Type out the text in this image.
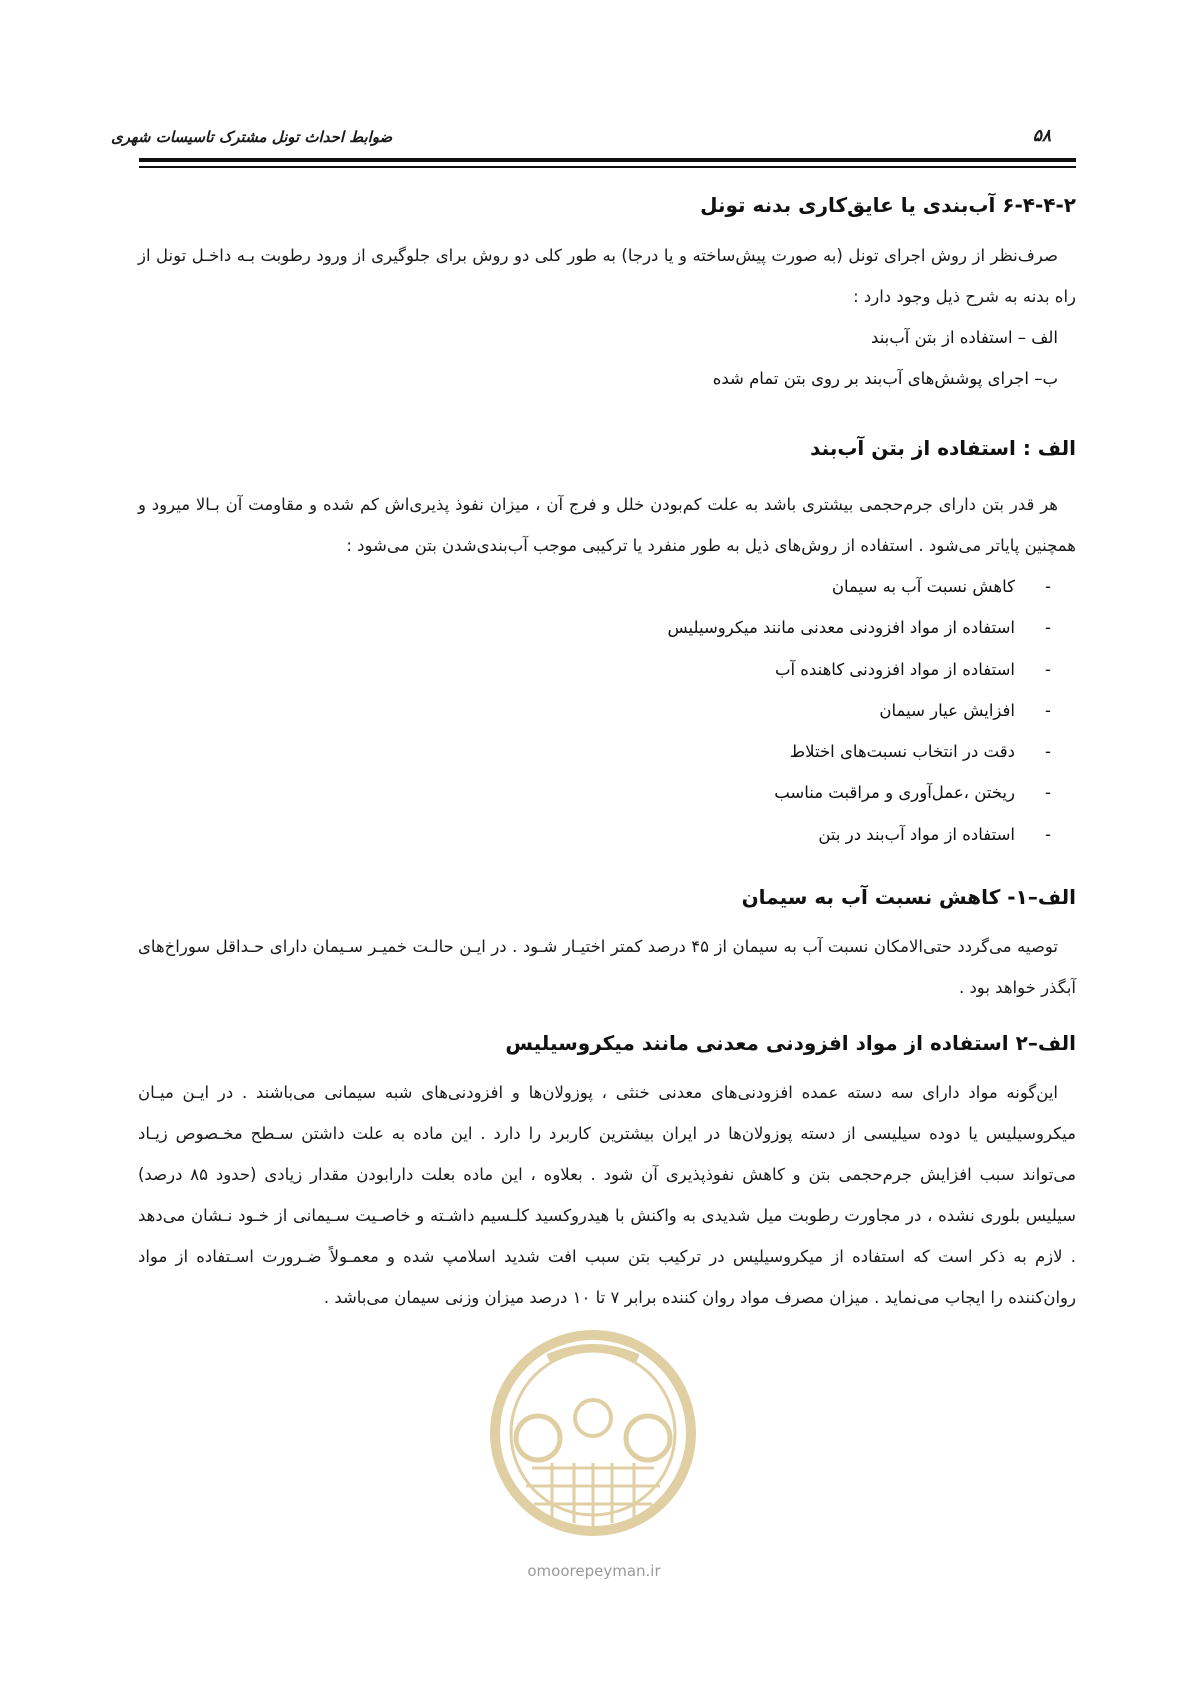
ضوابط احداث تونل مشترک تاسیسات شهری	۵۸
۶-۴-۴-۲ آب‌بندی یا عایق‌کاری بدنه تونل
صرف‌نظر از روش اجرای تونل (به صورت پیش‌ساخته و یا درجا) به طور کلی دو روش برای جلوگیری از ورود رطوبت بـه داخـل تونل از راه بدنه به شرح ذیل وجود دارد :
الف – استفاده از بتن آب‌بند
ب– اجرای پوشش‌های آب‌بند بر روی بتن تمام شده
الف : استفاده از بتن آب‌بند
هر قدر بتن دارای جرم‌حجمی بیشتری باشد به علت کم‌بودن خلل و فرج آن ، میزان نفوذ پذیری‌اش کم شده و مقاومت آن بـالا میرود و همچنین پایاتر می‌شود . استفاده از روش‌های ذیل به طور منفرد یا ترکیبی موجب آب‌بندی‌شدن بتن می‌شود :
-
کاهش نسبت آب به سیمان
-
استفاده از مواد افزودنی معدنی مانند میکروسیلیس
-
استفاده از مواد افزودنی کاهنده آب
-
افزایش عیار سیمان
-
دقت در انتخاب نسبت‌های اختلاط
-
ریختن ،عمل‌آوری و مراقبت مناسب
-
استفاده از مواد آب‌بند در بتن
الف–۱- کاهش نسبت آب به سیمان
توصیه می‌گردد حتی‌الامکان نسبت آب به سیمان از ۴۵ درصد کمتر اختیـار شـود . در ایـن حالـت خمیـر سـیمان دارای حـداقل سوراخ‌های آبگذر خواهد بود .
الف–۲ استفاده از مواد افزودنی معدنی مانند میکروسیلیس
این‌گونه مواد دارای سه دسته عمده افزودنی‌های معدنی خنثی ، پوزولان‌ها و افزودنی‌های شبه سیمانی می‌باشند . در ایـن میـان میکروسیلیس یا دوده سیلیسی از دسته پوزولان‌ها در ایران بیشترین کاربرد را دارد . این ماده به علت داشتن سـطح مخـصوص زیـاد می‌تواند سبب افزایش جرم‌حجمی بتن و کاهش نفوذپذیری آن شود . بعلاوه ، این ماده بعلت دارابودن مقدار زیادی (حدود ۸۵ درصد) سیلیس بلوری نشده ، در مجاورت رطوبت میل شدیدی به واکنش با هیدروکسید کلـسیم داشـته و خاصـیت سـیمانی از خـود نـشان می‌دهد . لازم به ذکر است که استفاده از میکروسیلیس در ترکیب بتن سبب افت شدید اسلامپ شده و معمـولاً ضـرورت اسـتفاده از مواد روان‌کننده را ایجاب می‌نماید . میزان مصرف مواد روان کننده برابر ۷ تا ۱۰ درصد میزان وزنی سیمان می‌باشد .
omoorepeyman.ir
